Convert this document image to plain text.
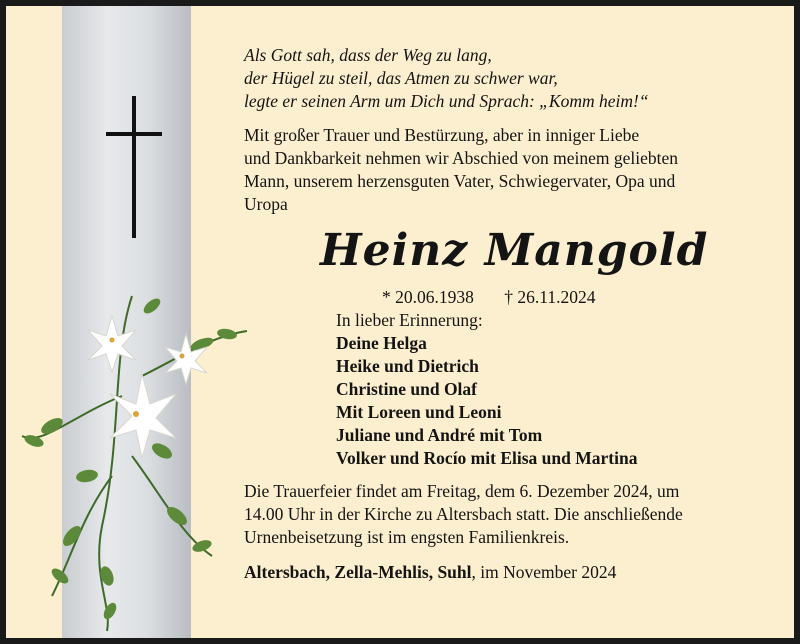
Als Gott sah, dass der Weg zu lang,
der Hügel zu steil, das Atmen zu schwer war,
legte er seinen Arm um Dich und Sprach: „Komm heim!“
Mit großer Trauer und Bestürzung, aber in inniger Liebe
und Dankbarkeit nehmen wir Abschied von meinem geliebten
Mann, unserem herzensguten Vater, Schwiegervater, Opa und
Uropa
Heinz Mangold
* 20.06.1938 † 26.11.2024
In lieber Erinnerung:
Deine Helga
Heike und Dietrich
Christine und Olaf
Mit Loreen und Leoni
Juliane und André mit Tom
Volker und Rocío mit Elisa und Martina
Die Trauerfeier findet am Freitag, dem 6. Dezember 2024, um
14.00 Uhr in der Kirche zu Altersbach statt. Die anschließende
Urnenbeisetzung ist im engsten Familienkreis.
Altersbach, Zella-Mehlis, Suhl, im November 2024
